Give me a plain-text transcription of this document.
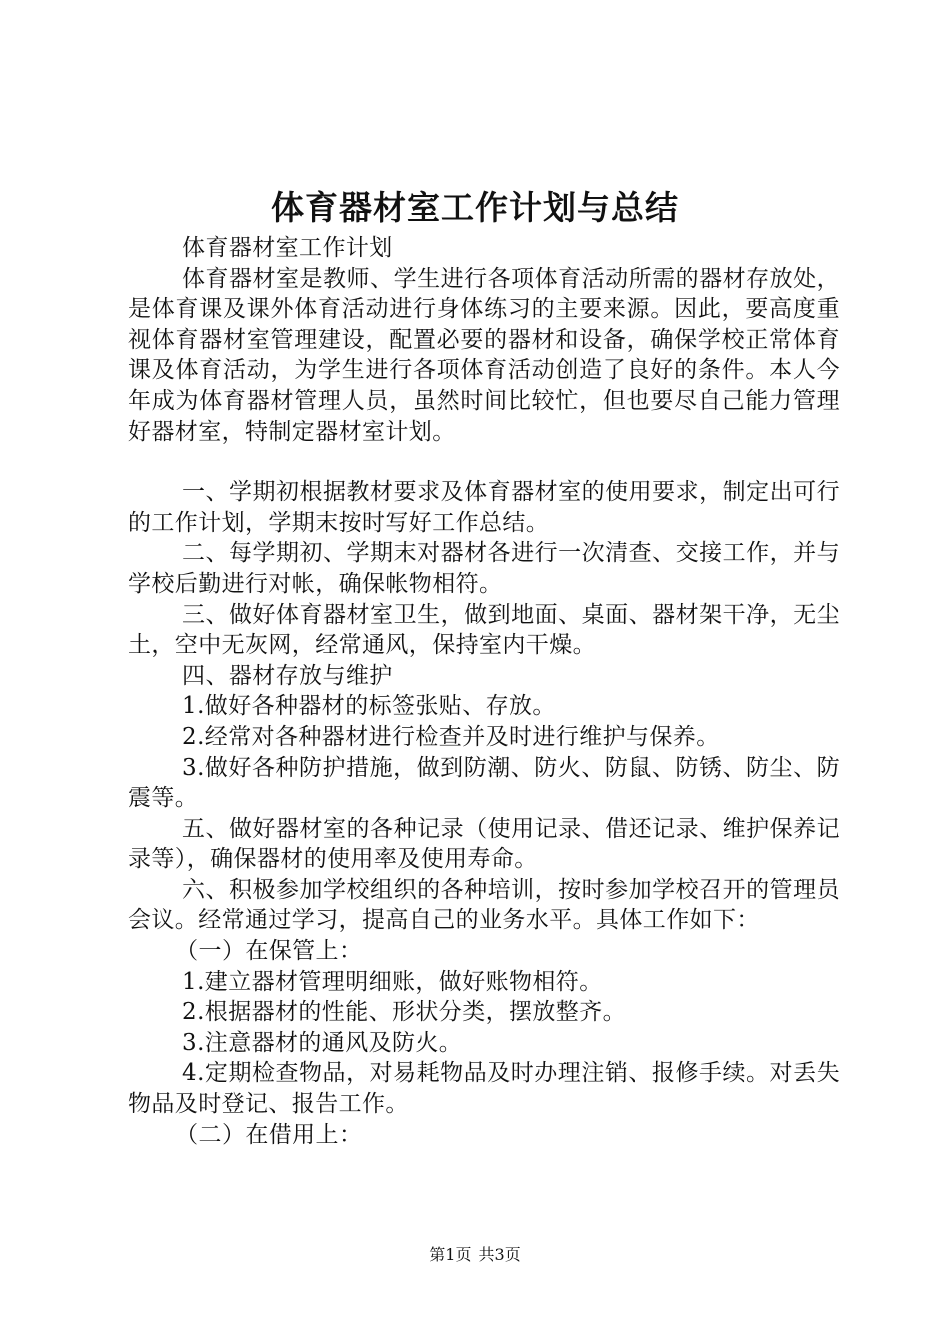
体育器材室工作计划与总结

体育器材室工作计划

体育器材室是教师、学生进行各项体育活动所需的器材存放处，是体育课及课外体育活动进行身体练习的主要来源。因此，要高度重视体育器材室管理建设，配置必要的器材和设备，确保学校正常体育课及体育活动，为学生进行各项体育活动创造了良好的条件。本人今年成为体育器材管理人员，虽然时间比较忙，但也要尽自己能力管理好器材室，特制定器材室计划。

一、学期初根据教材要求及体育器材室的使用要求，制定出可行的工作计划，学期末按时写好工作总结。

二、每学期初、学期末对器材各进行一次清查、交接工作，并与学校后勤进行对帐，确保帐物相符。

三、做好体育器材室卫生，做到地面、桌面、器材架干净，无尘土，空中无灰网，经常通风，保持室内干燥。

四、器材存放与维护

1.做好各种器材的标签张贴、存放。

2.经常对各种器材进行检查并及时进行维护与保养。

3.做好各种防护措施，做到防潮、防火、防鼠、防锈、防尘、防震等。

五、做好器材室的各种记录（使用记录、借还记录、维护保养记录等），确保器材的使用率及使用寿命。

六、积极参加学校组织的各种培训，按时参加学校召开的管理员会议。经常通过学习，提高自己的业务水平。具体工作如下：

（一）在保管上：

1.建立器材管理明细账，做好账物相符。

2.根据器材的性能、形状分类，摆放整齐。

3.注意器材的通风及防火。

4.定期检查物品，对易耗物品及时办理注销、报修手续。对丢失物品及时登记、报告工作。

（二）在借用上：

第1页 共3页
